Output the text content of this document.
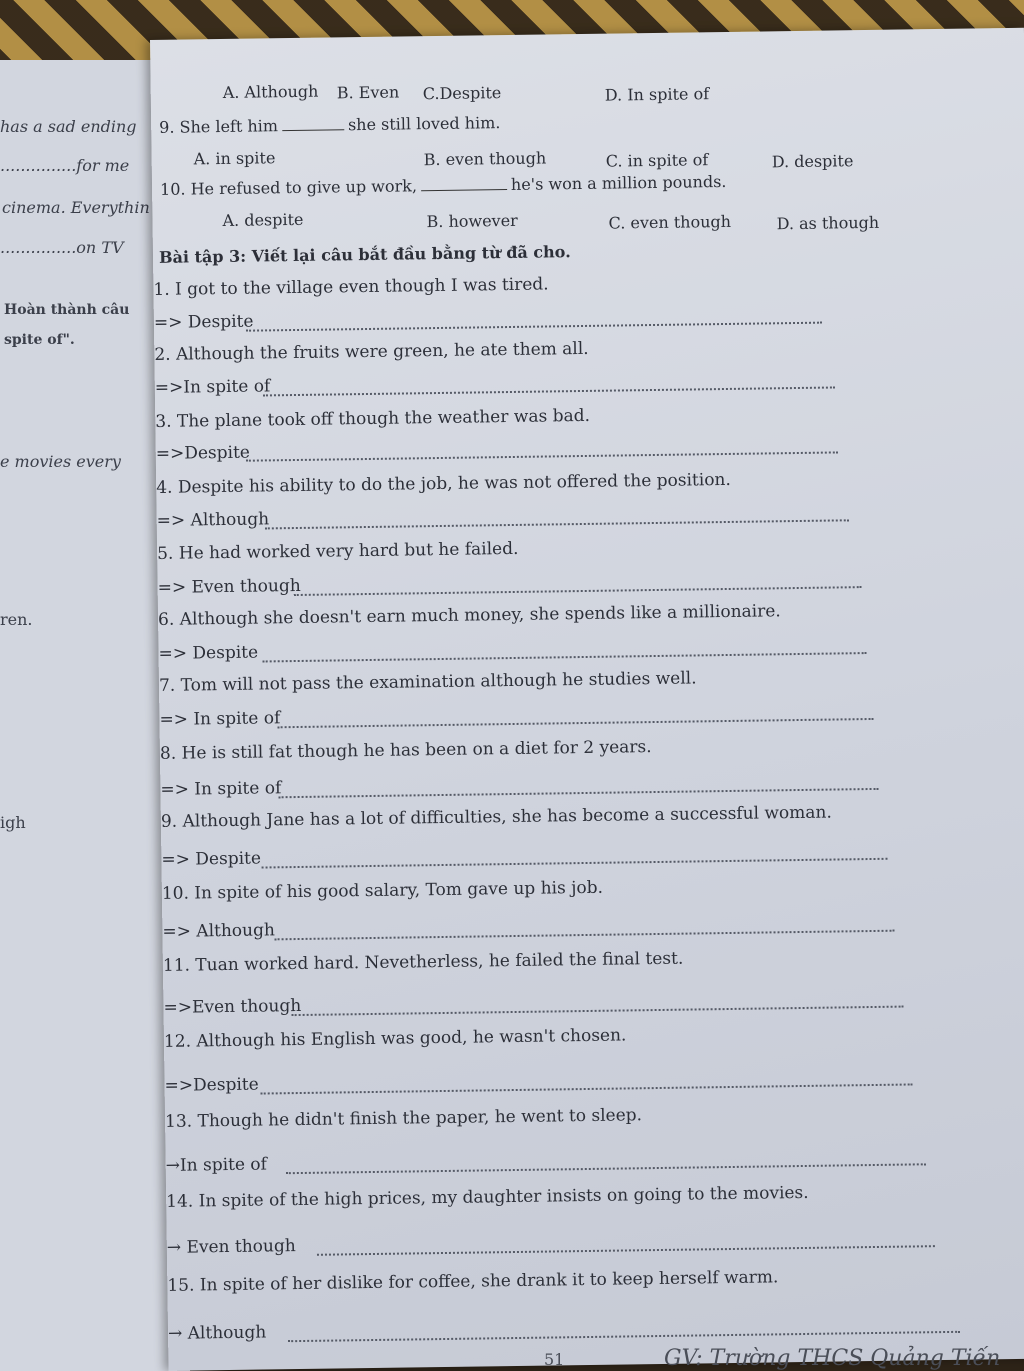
has a sad ending
...............for me
cinema. Everythin
...............on TV
Hoàn thành câu
spite of".
e movies every
ren.
igh
A. Although B. Even C.Despite	D. In spite of
9. She left him	she still loved him.
A. in spite	B. even though	C. in spite of	D. despite
10. He refused to give up work,	he's won a million pounds.
A. despite	B. however	C. even though	D. as though
Bài tập 3: Viết lại câu bắt đầu bằng từ đã cho.
1. I got to the village even though I was tired.
=> Despite
2. Although the fruits were green, he ate them all.
=>In spite of
3. The plane took off though the weather was bad.
=>Despite
4. Despite his ability to do the job, he was not offered the position.
=> Although
5. He had worked very hard but he failed.
=> Even though
6. Although she doesn't earn much money, she spends like a millionaire.
=> Despite
7. Tom will not pass the examination although he studies well.
=> In spite of
8. He is still fat though he has been on a diet for 2 years.
=> In spite of
9. Although Jane has a lot of difficulties, she has become a successful woman.
=> Despite
10. In spite of his good salary, Tom gave up his job.
=> Although
11. Tuan worked hard. Nevetherless, he failed the final test.
=>Even though
12. Although his English was good, he wasn't chosen.
=>Despite
13. Though he didn't finish the paper, he went to sleep.
→In spite of
14. In spite of the high prices, my daughter insists on going to the movies.
→ Even though
15. In spite of her dislike for coffee, she drank it to keep herself warm.
→ Although
51	GV: Trường THCS Quảng Tiến
